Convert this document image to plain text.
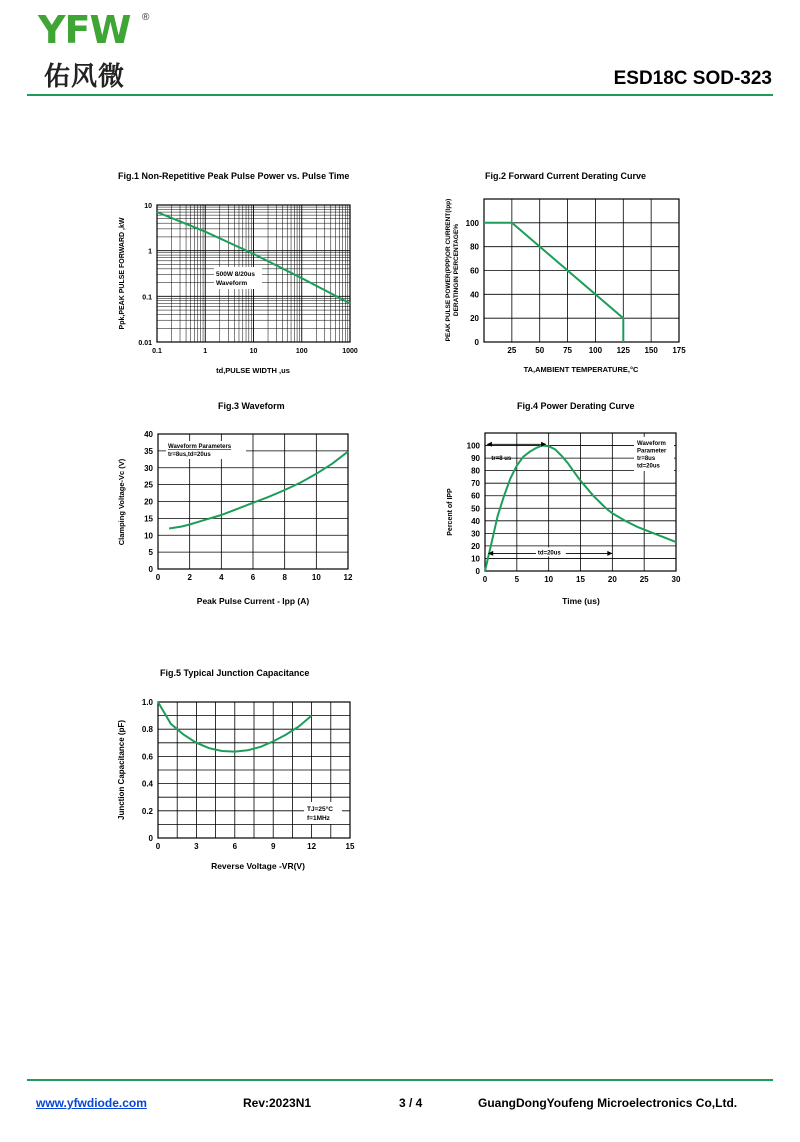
YFW ®
佑风微	ESD18C SOD-323
Fig.1 Non-Repetitive Peak Pulse Power vs. Pulse Time	Fig.2 Forward Current Derating Curve
Fig.3 Waveform	Fig.4 Power Derating Curve
Fig.5 Typical Junction Capacitance
0.1	1	10	100	1000
0.01
0.1
1
10
500W 8/20us
Waveform
td,PULSE WIDTH ,us
Ppk,PEAK PULSE FORWARD ,kW
25 50 75 100 125 150 175
0
20
40
60
80
100
TA,AMBIENT TEMPERATURE,°C
PEAK PULSE POWER(PPP)OR CURRENT(Ipp) DERATINGIN PERCENTAGE%
0	2	4	6	8	10	12
0
5
10
15
20
25
30
35
40
Waveform Parameters
tr=8us,td=20us
Peak Pulse Current - Ipp (A)
Clamping Voltage-Vc (V)
0	5	10	15	20	25	30
0
10
20
30
40
50
60
70
80
90
100
tr=8 us
td=20us
Waveform
Parameter
tr=8us
td=20us
Time (us)
Percent of IPP
0	3	6	9	12	15
0
0.2
0.4
0.6
0.8
1.0
TJ=25°C
f=1MHz
Reverse Voltage -VR(V)
Junction Capacitance (pF)
www.yfwdiode.com	Rev:2023N1	3 / 4	GuangDongYoufeng Microelectronics Co,Ltd.
